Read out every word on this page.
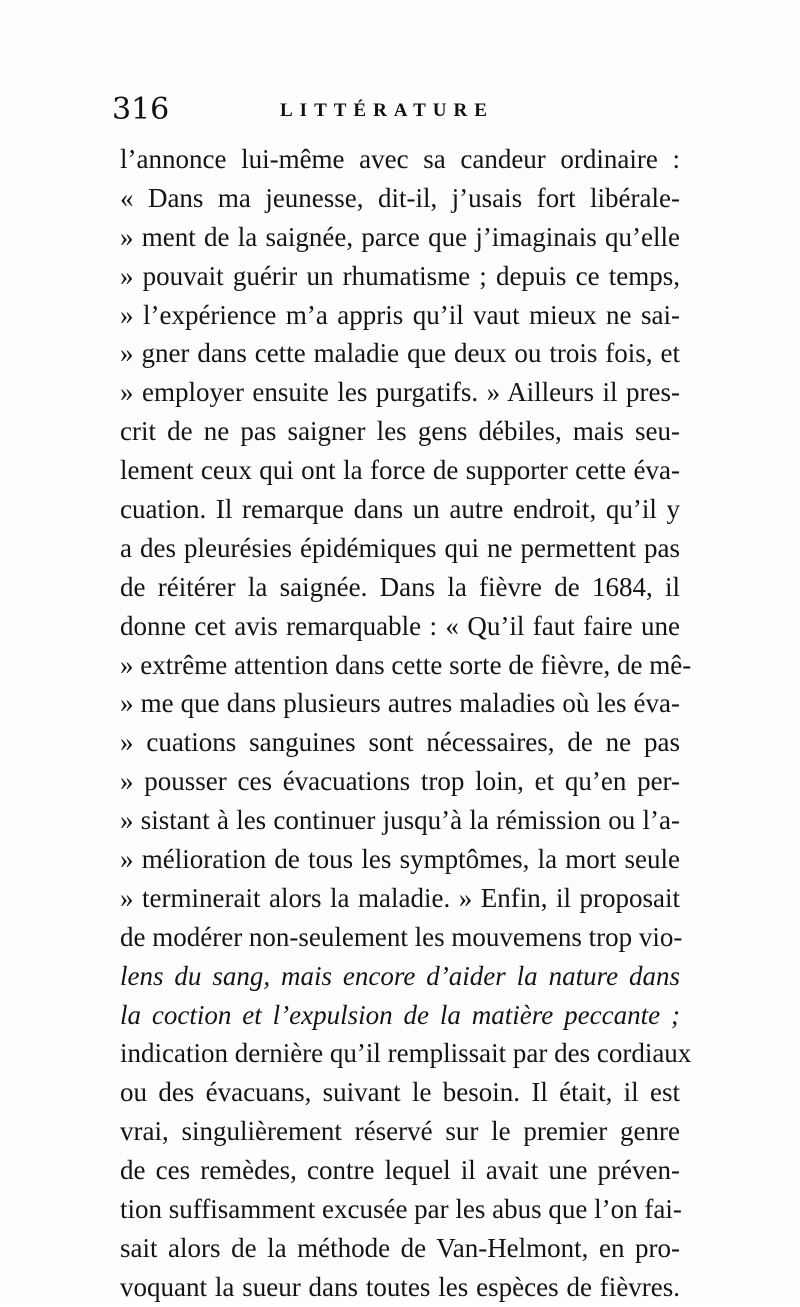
316	LITTÉRATURE
l’annonce lui-même avec sa candeur ordinaire :
« Dans ma jeunesse, dit-il, j’usais fort libérale-
» ment de la saignée, parce que j’imaginais qu’elle
» pouvait guérir un rhumatisme ; depuis ce temps,
» l’expérience m’a appris qu’il vaut mieux ne sai-
» gner dans cette maladie que deux ou trois fois, et
» employer ensuite les purgatifs. » Ailleurs il pres-
crit de ne pas saigner les gens débiles, mais seu-
lement ceux qui ont la force de supporter cette éva-
cuation. Il remarque dans un autre endroit, qu’il y
a des pleurésies épidémiques qui ne permettent pas
de réitérer la saignée. Dans la fièvre de 1684, il
donne cet avis remarquable : « Qu’il faut faire une
» extrême attention dans cette sorte de fièvre, de mê-
» me que dans plusieurs autres maladies où les éva-
» cuations sanguines sont nécessaires, de ne pas
» pousser ces évacuations trop loin, et qu’en per-
» sistant à les continuer jusqu’à la rémission ou l’a-
» mélioration de tous les symptômes, la mort seule
» terminerait alors la maladie. » Enfin, il proposait
de modérer non-seulement les mouvemens trop vio-
lens du sang, mais encore d’aider la nature dans
la coction et l’expulsion de la matière peccante ;
indication dernière qu’il remplissait par des cordiaux
ou des évacuans, suivant le besoin. Il était, il est
vrai, singulièrement réservé sur le premier genre
de ces remèdes, contre lequel il avait une préven-
tion suffisamment excusée par les abus que l’on fai-
sait alors de la méthode de Van-Helmont, en pro-
voquant la sueur dans toutes les espèces de fièvres.
